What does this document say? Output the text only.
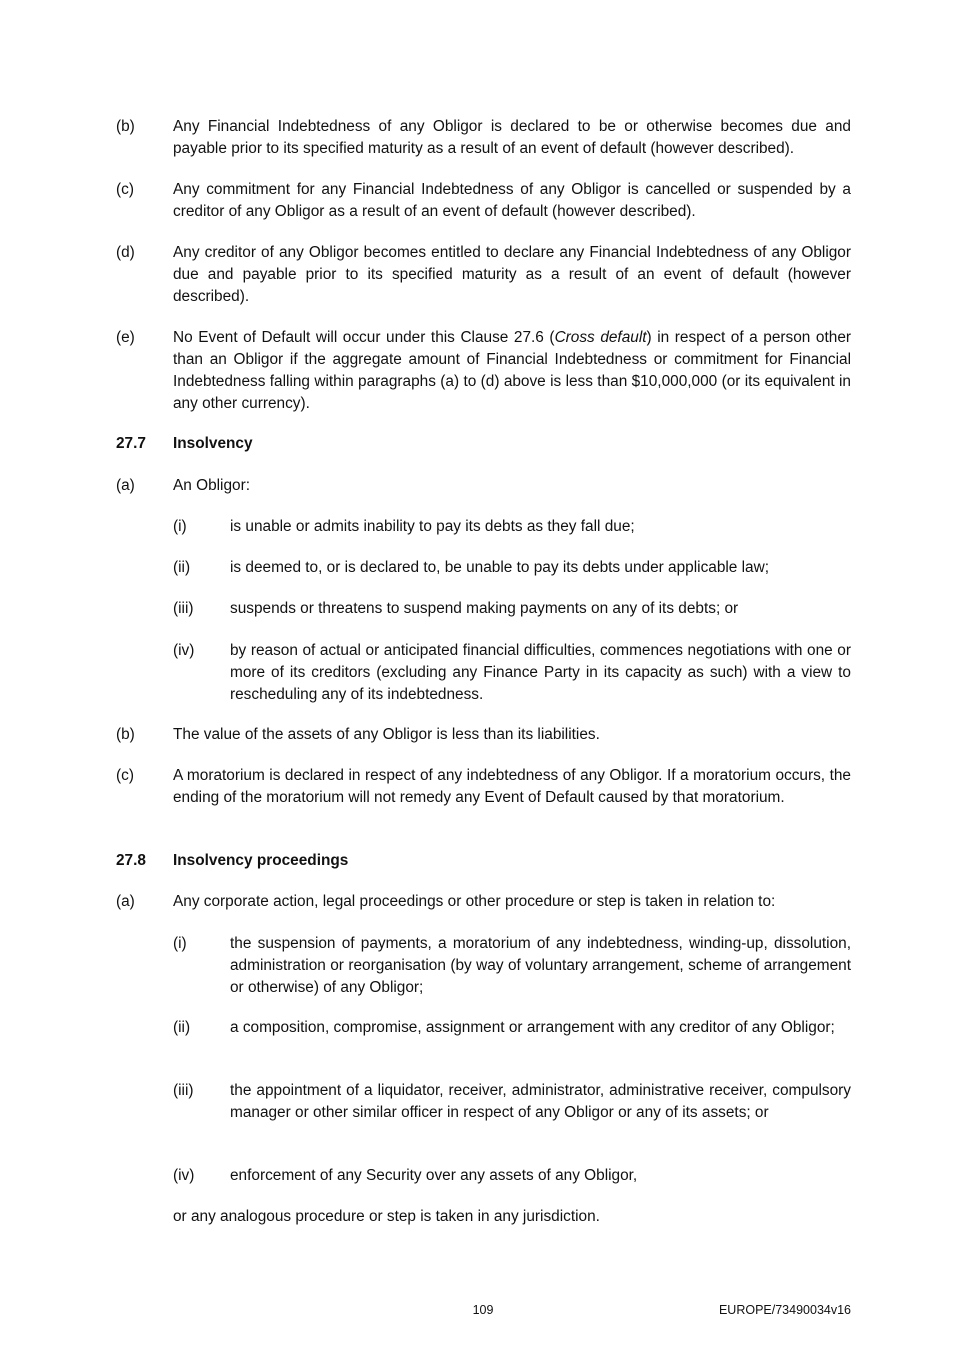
(b) Any Financial Indebtedness of any Obligor is declared to be or otherwise becomes due and payable prior to its specified maturity as a result of an event of default (however described).
(c)	Any commitment for any Financial Indebtedness of any Obligor is cancelled or suspended by a creditor of any Obligor as a result of an event of default (however described).
(d) Any creditor of any Obligor becomes entitled to declare any Financial Indebtedness of any Obligor due and payable prior to its specified maturity as a result of an event of default (however described).
(e) No Event of Default will occur under this Clause 27.6 (Cross default) in respect of a person other than an Obligor if the aggregate amount of Financial Indebtedness or commitment for Financial Indebtedness falling within paragraphs (a) to (d) above is less than $10,000,000 (or its equivalent in any other currency).
27.7 Insolvency
(a) An Obligor:
(i)	is unable or admits inability to pay its debts as they fall due;
(ii)	is deemed to, or is declared to, be unable to pay its debts under applicable law;
(iii) suspends or threatens to suspend making payments on any of its debts; or
(iv) by reason of actual or anticipated financial difficulties, commences negotiations with one or more of its creditors (excluding any Finance Party in its capacity as such) with a view to rescheduling any of its indebtedness.
(b) The value of the assets of any Obligor is less than its liabilities.
(c)	A moratorium is declared in respect of any indebtedness of any Obligor. If a moratorium occurs, the ending of the moratorium will not remedy any Event of Default caused by that moratorium.
27.8 Insolvency proceedings
(a) Any corporate action, legal proceedings or other procedure or step is taken in relation to:
(i)	the suspension of payments, a moratorium of any indebtedness, winding-up, dissolution, administration or reorganisation (by way of voluntary arrangement, scheme of arrangement or otherwise) of any Obligor;
(ii)	a composition, compromise, assignment or arrangement with any creditor of any Obligor;
(iii) the appointment of a liquidator, receiver, administrator, administrative receiver, compulsory manager or other similar officer in respect of any Obligor or any of its assets; or
(iv) enforcement of any Security over any assets of any Obligor,
or any analogous procedure or step is taken in any jurisdiction.
109	EUROPE/73490034v16
